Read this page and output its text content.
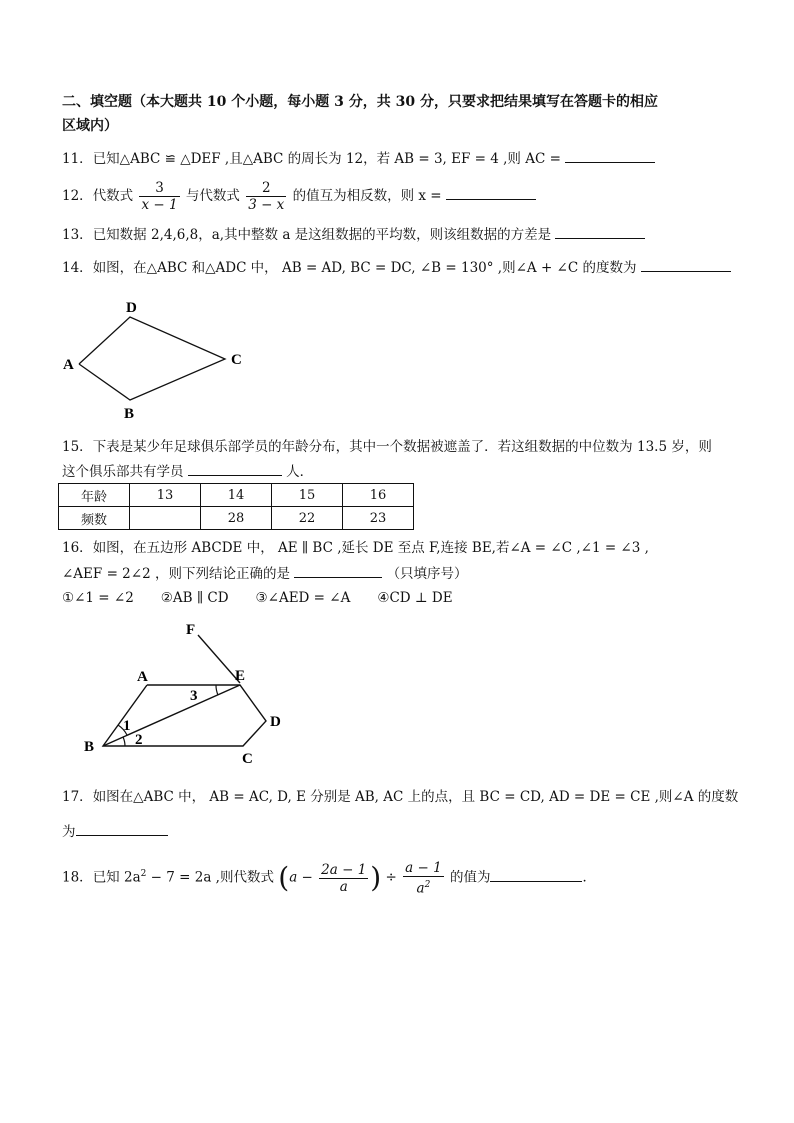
二、填空题（本大题共 10 个小题，每小题 3 分，共 30 分，只要求把结果填写在答题卡的相应
区域内）
11．已知△ABC ≌ △DEF ,且△ABC 的周长为 12，若 AB = 3, EF = 4 ,则 AC =
12．代数式 $\frac{3}{x - 1}$ 与代数式 $\frac{2}{3 - x}$ 的值互为相反数，则 x =
13．已知数据 2,4,6,8，a,其中整数 a 是这组数据的平均数，则该组数据的方差是
14．如图，在△ABC 和△ADC 中， AB = AD, BC = DC, ∠B = 130° ,则∠A + ∠C 的度数为
D
A	C
B
15．下表是某少年足球俱乐部学员的年龄分布，其中一个数据被遮盖了．若这组数据的中位数为 13.5 岁，则
这个俱乐部共有学员	人．
年龄	13	14	15	16
频数		28	22	23
16．如图，在五边形 ABCDE 中， AE ∥ BC ,延长 DE 至点 F,连接 BE,若∠A = ∠C ,∠1 = ∠3 ,
∠AEF = 2∠2 ，则下列结论正确的是	（只填序号）
①∠1 = ∠2　　②AB ∥ CD　　③∠AED = ∠A　　④CD ⊥ DE
F
A	E
D
B
C
3
1
2
17．如图在△ABC 中， AB = AC, D, E 分别是 AB, AC 上的点，且 BC = CD, AD = DE = CE ,则∠A 的度数
为
18．已知 $2a^2 - 7 = 2a$ ,则代数式 ($a - \frac{2a - 1}{a}$ ) ÷ $\frac{a - 1}{a^2}$ 的值为	．
